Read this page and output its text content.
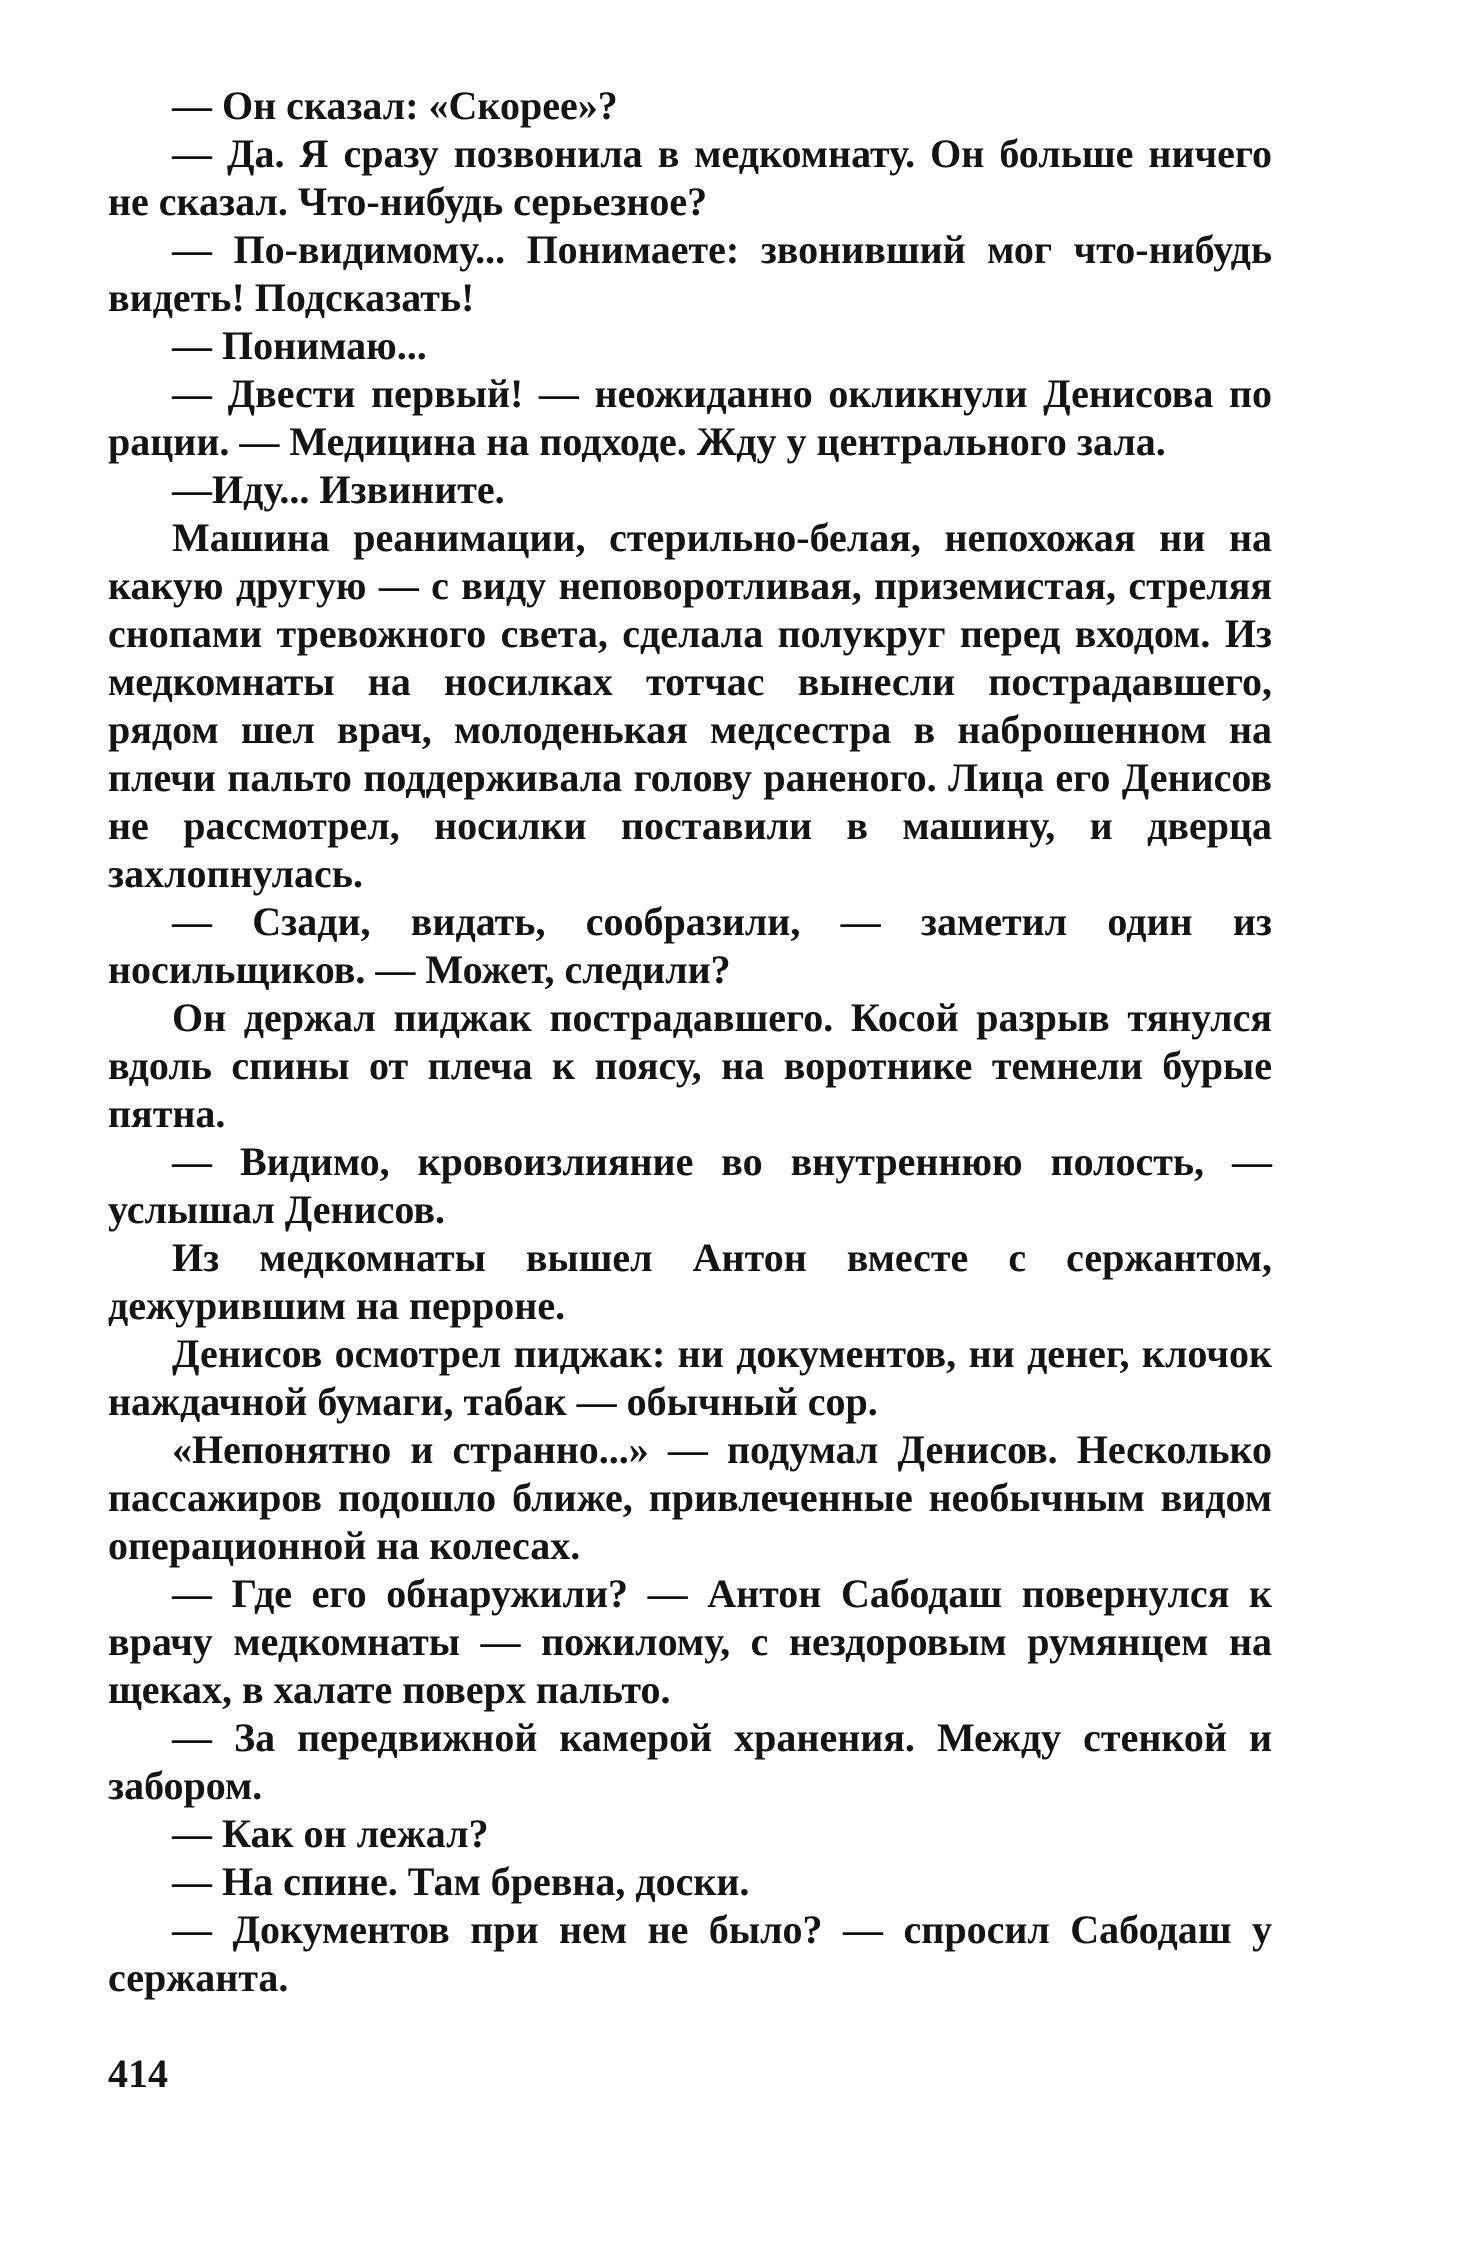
— Он сказал: «Скорее»?

— Да. Я сразу позвонила в медкомнату. Он больше ничего не сказал. Что-нибудь серьезное?

— По-видимому... Понимаете: звонивший мог что-нибудь видеть! Подсказать!

— Понимаю...

— Двести первый! — неожиданно окликнули Денисова по рации. — Медицина на подходе. Жду у центрального зала.

—Иду... Извините.

Машина реанимации, стерильно-белая, непохожая ни на какую другую — с виду неповоротливая, приземистая, стреляя снопами тревожного света, сделала полукруг перед входом. Из медкомнаты на носилках тотчас вынесли пострадавшего, рядом шел врач, молоденькая медсестра в наброшенном на плечи пальто поддерживала голову раненого. Лица его Денисов не рассмотрел, носилки поставили в машину, и дверца захлопнулась.

— Сзади, видать, сообразили, — заметил один из носильщиков. — Может, следили?

Он держал пиджак пострадавшего. Косой разрыв тянулся вдоль спины от плеча к поясу, на воротнике темнели бурые пятна.

— Видимо, кровоизлияние во внутреннюю полость, — услышал Денисов.

Из медкомнаты вышел Антон вместе с сержантом, дежурившим на перроне.

Денисов осмотрел пиджак: ни документов, ни денег, клочок наждачной бумаги, табак — обычный сор.

«Непонятно и странно...» — подумал Денисов. Несколько пассажиров подошло ближе, привлеченные необычным видом операционной на колесах.

— Где его обнаружили? — Антон Сабодаш повернулся к врачу медкомнаты — пожилому, с нездоровым румянцем на щеках, в халате поверх пальто.

— За передвижной камерой хранения. Между стенкой и забором.

— Как он лежал?

— На спине. Там бревна, доски.

— Документов при нем не было? — спросил Сабодаш у сержанта.

414
